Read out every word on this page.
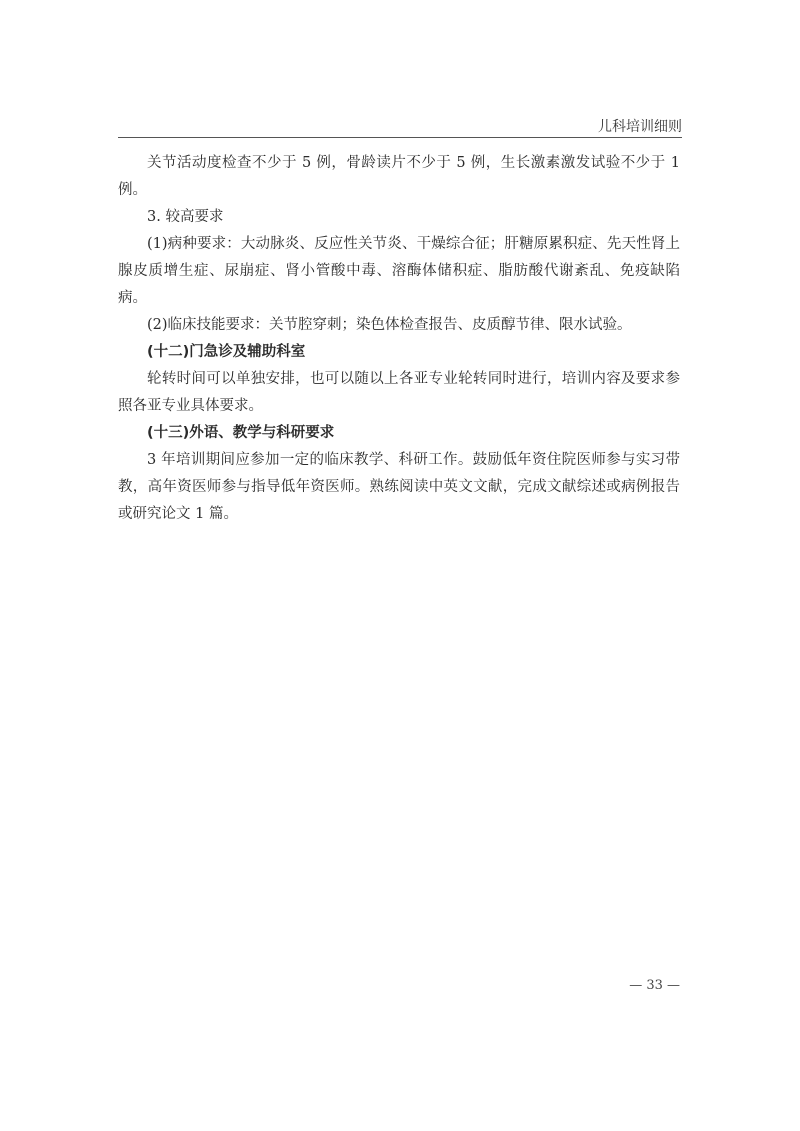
儿科培训细则

关节活动度检查不少于 5 例，骨龄读片不少于 5 例，生长激素激发试验不少于 1 例。

3. 较高要求

(1)病种要求：大动脉炎、反应性关节炎、干燥综合征；肝糖原累积症、先天性肾上腺皮质增生症、尿崩症、肾小管酸中毒、溶酶体储积症、脂肪酸代谢紊乱、免疫缺陷病。

(2)临床技能要求：关节腔穿刺；染色体检查报告、皮质醇节律、限水试验。

(十二)门急诊及辅助科室

轮转时间可以单独安排，也可以随以上各亚专业轮转同时进行，培训内容及要求参照各亚专业具体要求。

(十三)外语、教学与科研要求

3 年培训期间应参加一定的临床教学、科研工作。鼓励低年资住院医师参与实习带教，高年资医师参与指导低年资医师。熟练阅读中英文文献，完成文献综述或病例报告或研究论文 1 篇。

— 33 —
